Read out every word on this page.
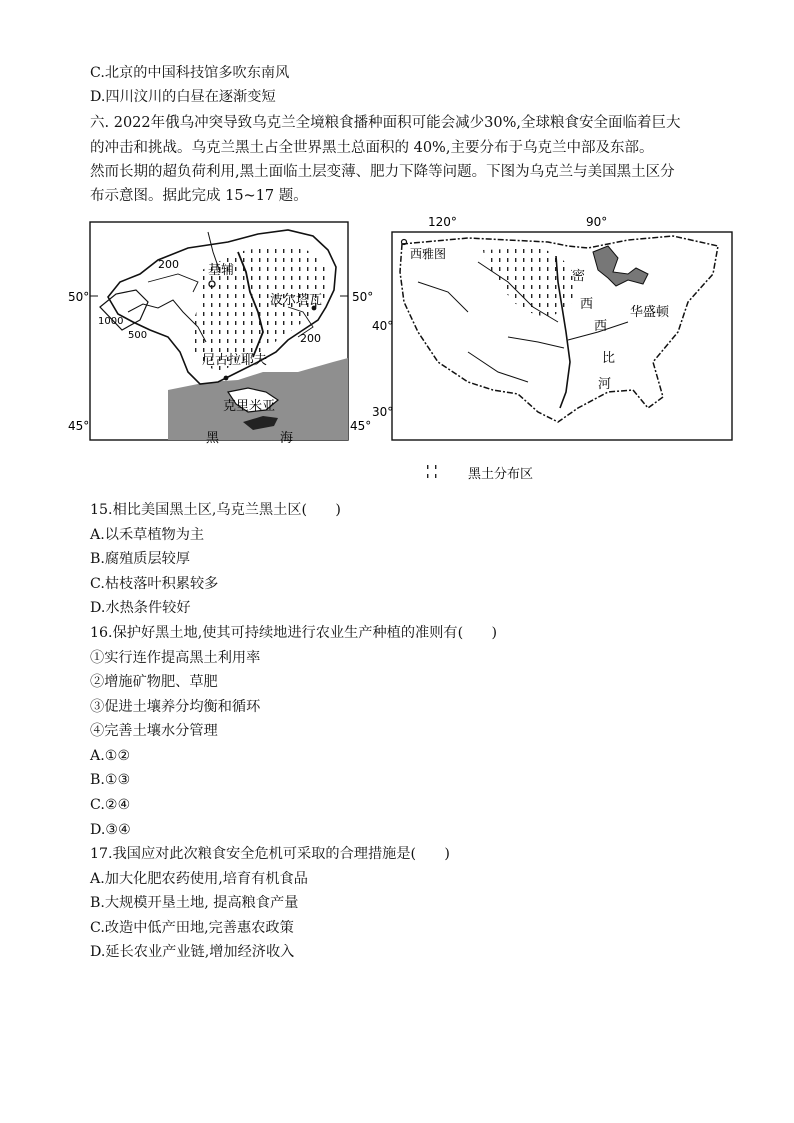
C.北京的中国科技馆多吹东南风
D.四川汶川的白昼在逐渐变短
六. 2022年俄乌冲突导致乌克兰全境粮食播种面积可能会减少30%,全球粮食安全面临着巨大
的冲击和挑战。乌克兰黑土占全世界黑土总面积的 40%,主要分布于乌克兰中部及东部。
然而长期的超负荷利用,黑土面临土层变薄、肥力下降等问题。下图为乌克兰与美国黑土区分
布示意图。据此完成 15~17 题。
50°	50°
45°	45°
200
200
1000
500
基辅
波尔塔瓦
尼古拉耶夫
克里米亚
黑	海
120°	90°
40°
30°
西雅图
密
西
西
比
河
华盛顿
黑土分布区
15.相比美国黑土区,乌克兰黑土区(　　)
A.以禾草植物为主
B.腐殖质层较厚
C.枯枝落叶积累较多
D.水热条件较好
16.保护好黑土地,使其可持续地进行农业生产种植的准则有(　　)
①实行连作提高黑土利用率
②增施矿物肥、草肥
③促进土壤养分均衡和循环
④完善土壤水分管理
A.①②
B.①③
C.②④
D.③④
17.我国应对此次粮食安全危机可采取的合理措施是(　　)
A.加大化肥农药使用,培育有机食品
B.大规模开垦土地, 提高粮食产量
C.改造中低产田地,完善惠农政策
D.延长农业产业链,增加经济收入
